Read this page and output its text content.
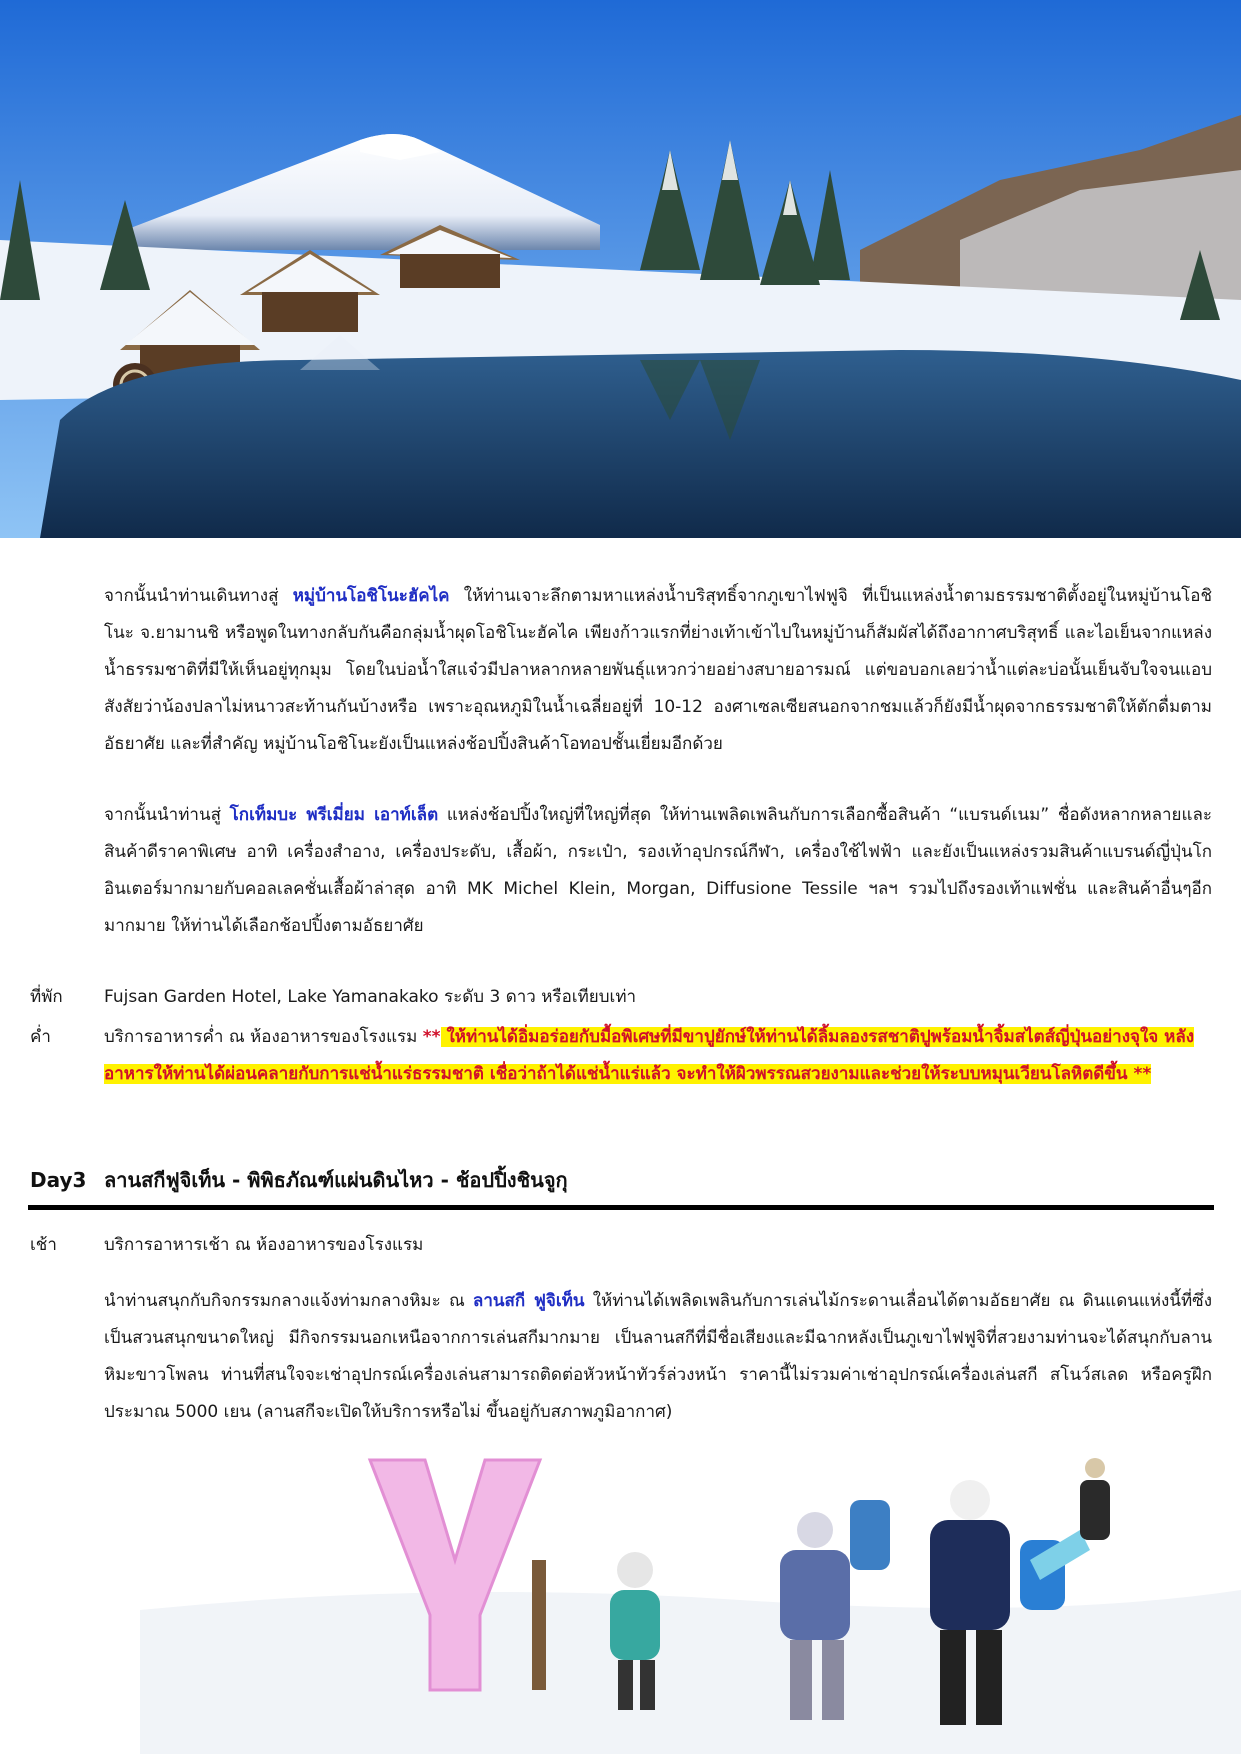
จากนั้นนำท่านเดินทางสู่ หมู่บ้านโอชิโนะฮัคไค ให้ท่านเจาะลึกตามหาแหล่งน้ำบริสุทธิ์จากภูเขาไฟฟูจิ ที่เป็นแหล่งน้ำตามธรรมชาติตั้งอยู่ในหมู่บ้านโอชิโนะ จ.ยามานชิ หรือพูดในทางกลับกันคือกลุ่มน้ำผุดโอชิโนะฮัคไค เพียงก้าวแรกที่ย่างเท้าเข้าไปในหมู่บ้านก็สัมผัสได้ถึงอากาศบริสุทธิ์ และไอเย็นจากแหล่งน้ำธรรมชาติที่มีให้เห็นอยู่ทุกมุม โดยในบ่อน้ำใสแจ๋วมีปลาหลากหลายพันธุ์แหวกว่ายอย่างสบายอารมณ์ แต่ขอบอกเลยว่าน้ำแต่ละบ่อนั้นเย็นจับใจจนแอบสังสัยว่าน้องปลาไม่หนาวสะท้านกันบ้างหรือ เพราะอุณหภูมิในน้ำเฉลี่ยอยู่ที่ 10-12 องศาเซลเซียสนอกจากชมแล้วก็ยังมีน้ำผุดจากธรรมชาติให้ตักดื่มตามอัธยาศัย และที่สำคัญ หมู่บ้านโอชิโนะยังเป็นแหล่งช้อปปิ้งสินค้าโอทอปชั้นเยี่ยมอีกด้วย
จากนั้นนำท่านสู่ โกเท็มบะ พรีเมี่ยม เอาท์เล็ต แหล่งช้อปปิ้งใหญ่ที่ใหญ่ที่สุด ให้ท่านเพลิดเพลินกับการเลือกซื้อสินค้า “แบรนด์เนม” ชื่อดังหลากหลายและสินค้าดีราคาพิเศษ อาทิ เครื่องสำอาง, เครื่องประดับ, เสื้อผ้า, กระเป๋า, รองเท้าอุปกรณ์กีฬา, เครื่องใช้ไฟฟ้า และยังเป็นแหล่งรวมสินค้าแบรนด์ญี่ปุ่นโกอินเตอร์มากมายกับคอลเลคชั่นเสื้อผ้าล่าสุด อาทิ MK Michel Klein, Morgan, Diffusione Tessile ฯลฯ รวมไปถึงรองเท้าแฟชั่น และสินค้าอื่นๆอีกมากมาย ให้ท่านได้เลือกช้อปปิ้งตามอัธยาศัย
ที่พัก Fujsan Garden Hotel, Lake Yamanakako ระดับ 3 ดาว หรือเทียบเท่า
ค่ำ	บริการอาหารค่ำ ณ ห้องอาหารของโรงแรม ** ให้ท่านได้อิ่มอร่อยกับมื้อพิเศษที่มีขาปูยักษ์ให้ท่านได้ลิ้มลองรสชาติปูพร้อมน้ำจิ้มสไตส์ญี่ปุ่นอย่างจุใจ หลังอาหารให้ท่านได้ผ่อนคลายกับการแช่น้ำแร่ธรรมชาติ เชื่อว่าถ้าได้แช่น้ำแร่แล้ว จะทำให้ผิวพรรณสวยงามและช่วยให้ระบบหมุนเวียนโลหิตดีขึ้น **
Day3 ลานสกีฟูจิเท็น - พิพิธภัณฑ์แผ่นดินไหว - ช้อปปิ้งชินจูกุ
เช้า	บริการอาหารเช้า ณ ห้องอาหารของโรงแรม
นำท่านสนุกกับกิจกรรมกลางแจ้งท่ามกลางหิมะ ณ ลานสกี ฟูจิเท็น ให้ท่านได้เพลิดเพลินกับการเล่นไม้กระดานเลื่อนได้ตามอัธยาศัย ณ ดินแดนแห่งนี้ที่ซึ่งเป็นสวนสนุกขนาดใหญ่ มีกิจกรรมนอกเหนือจากการเล่นสกีมากมาย เป็นลานสกีที่มีชื่อเสียงและมีฉากหลังเป็นภูเขาไฟฟูจิที่สวยงามท่านจะได้สนุกกับลานหิมะขาวโพลน ท่านที่สนใจจะเช่าอุปกรณ์เครื่องเล่นสามารถติดต่อหัวหน้าทัวร์ล่วงหน้า ราคานี้ไม่รวมค่าเช่าอุปกรณ์เครื่องเล่นสกี สโนว์สเลด หรือครูฝึก ประมาณ 5000 เยน (ลานสกีจะเปิดให้บริการหรือไม่ ขึ้นอยู่กับสภาพภูมิอากาศ)
